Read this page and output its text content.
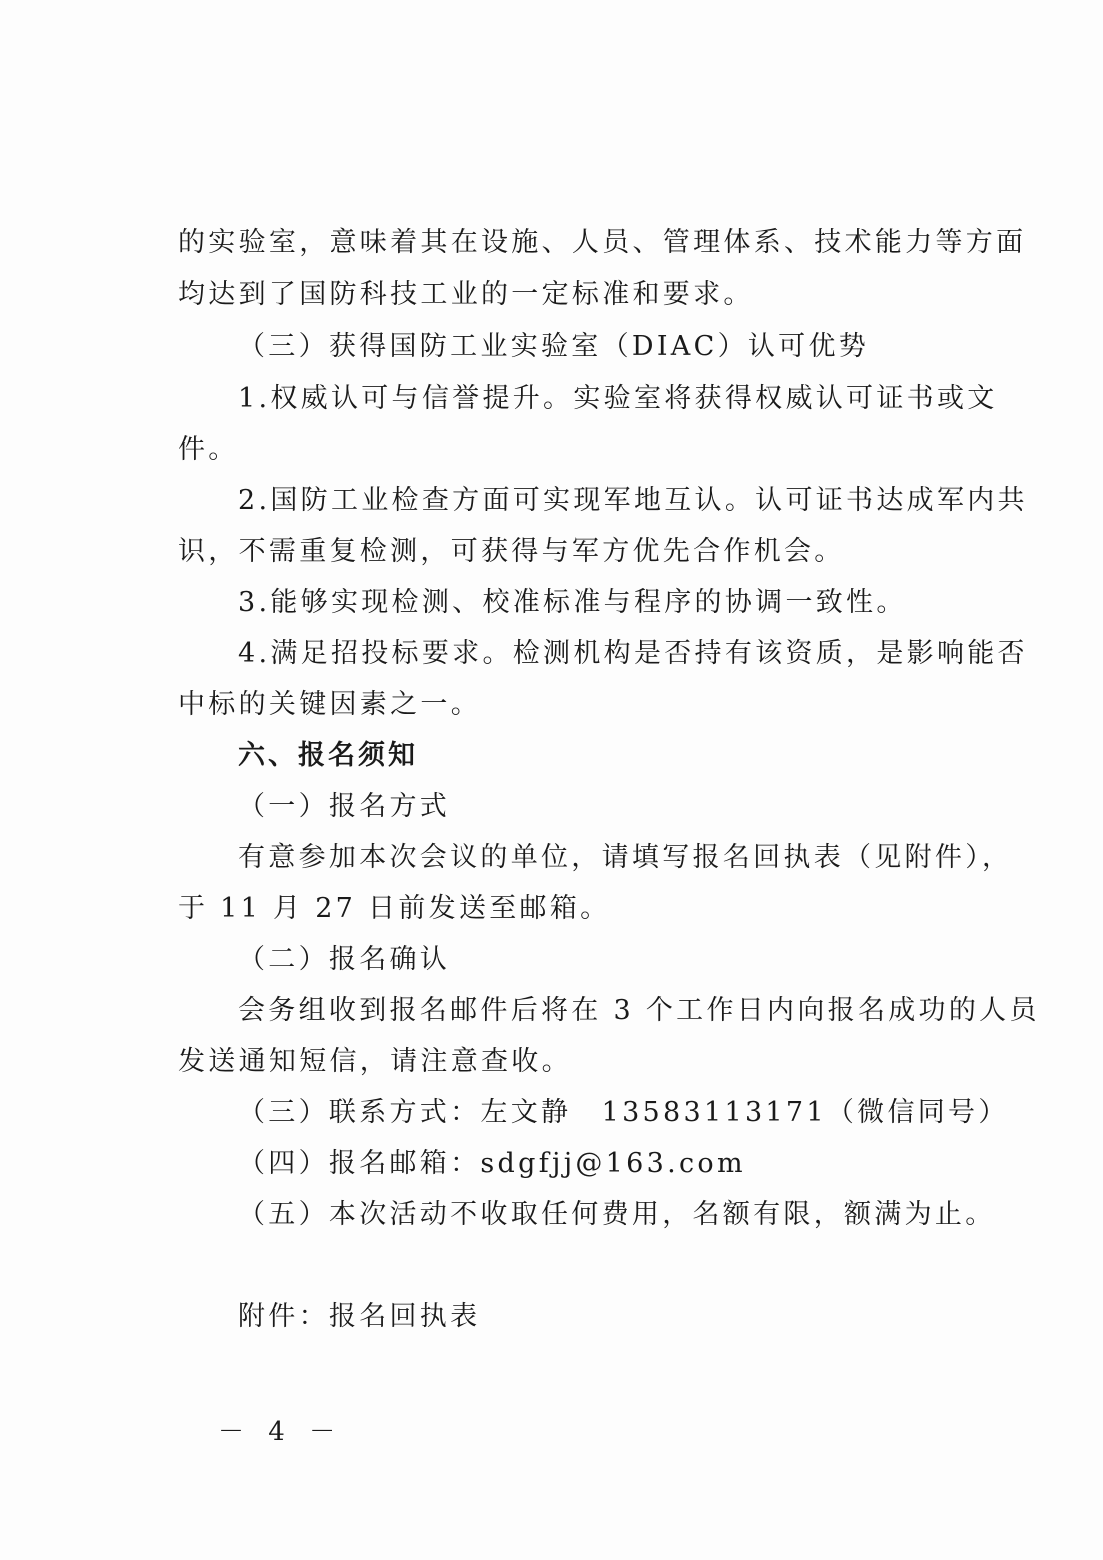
的实验室，意味着其在设施、人员、管理体系、技术能力等方面
均达到了国防科技工业的一定标准和要求。
（三）获得国防工业实验室（DIAC）认可优势
1.权威认可与信誉提升。实验室将获得权威认可证书或文
件。
2.国防工业检查方面可实现军地互认。认可证书达成军内共
识，不需重复检测，可获得与军方优先合作机会。
3.能够实现检测、校准标准与程序的协调一致性。
4.满足招投标要求。检测机构是否持有该资质，是影响能否
中标的关键因素之一。
六、报名须知
（一）报名方式
有意参加本次会议的单位，请填写报名回执表（见附件），
于 11 月 27 日前发送至邮箱。
（二）报名确认
会务组收到报名邮件后将在 3 个工作日内向报名成功的人员
发送通知短信，请注意查收。
（三）联系方式：左文静　13583113171（微信同号）
（四）报名邮箱：sdgfjj@163.com
（五）本次活动不收取任何费用，名额有限，额满为止。
附件：报名回执表
－ 4 －
